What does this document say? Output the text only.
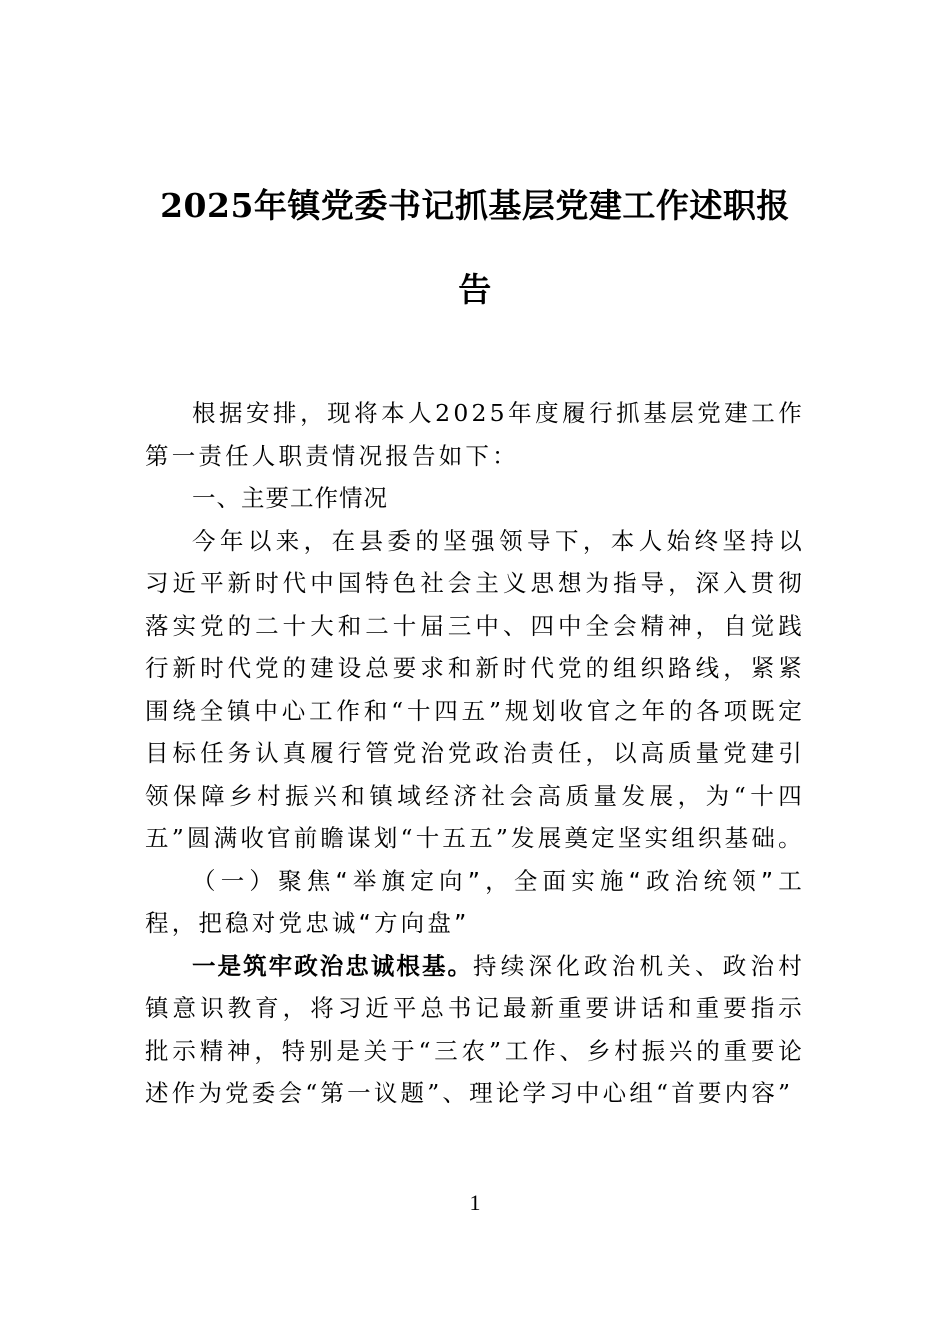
2025年镇党委书记抓基层党建工作述职报告

根据安排，现将本人2025年度履行抓基层党建工作第一责任人职责情况报告如下：

一、主要工作情况

今年以来，在县委的坚强领导下，本人始终坚持以习近平新时代中国特色社会主义思想为指导，深入贯彻落实党的二十大和二十届三中、四中全会精神，自觉践行新时代党的建设总要求和新时代党的组织路线，紧紧围绕全镇中心工作和“十四五”规划收官之年的各项既定目标任务认真履行管党治党政治责任，以高质量党建引领保障乡村振兴和镇域经济社会高质量发展，为“十四五”圆满收官前瞻谋划“十五五”发展奠定坚实组织基础。

（一）聚焦“举旗定向”，全面实施“政治统领”工程，把稳对党忠诚“方向盘”

一是筑牢政治忠诚根基。持续深化政治机关、政治村镇意识教育，将习近平总书记最新重要讲话和重要指示批示精神，特别是关于“三农”工作、乡村振兴的重要论述作为党委会“第一议题”、理论学习中心组“首要内容”

1
